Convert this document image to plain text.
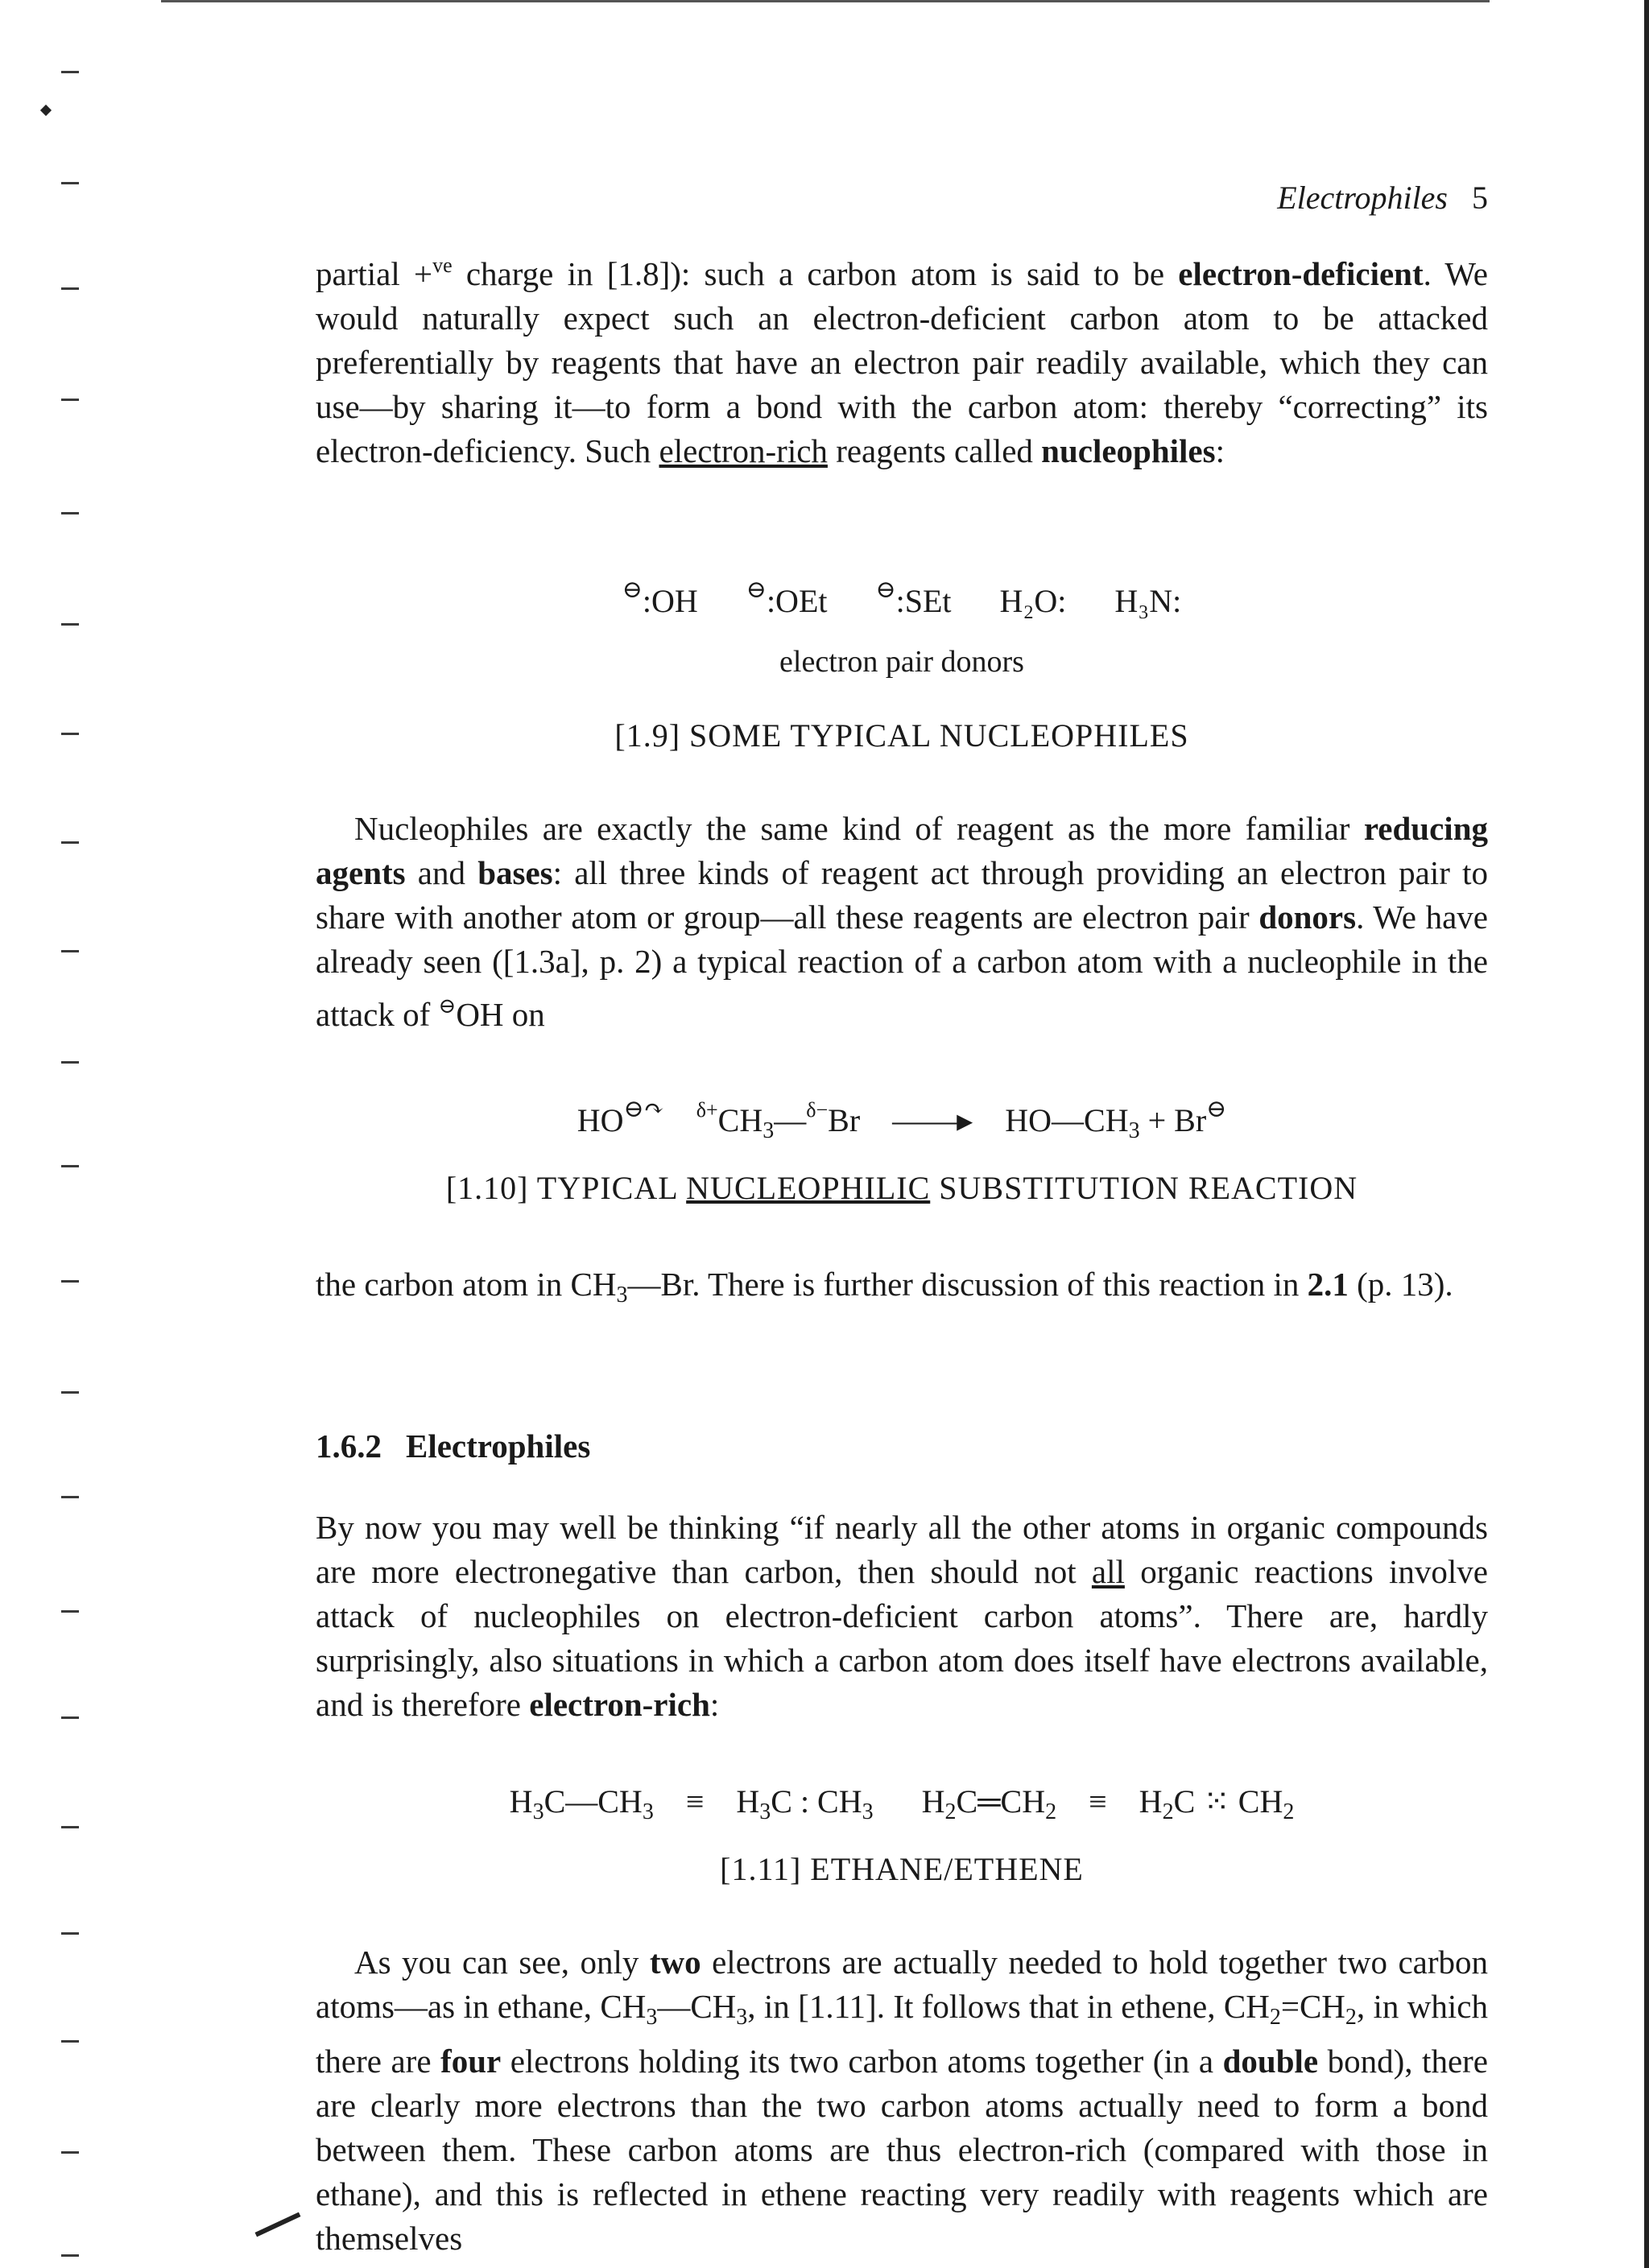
Electrophiles 5

partial +$^{ve}$ charge in [1.8]): such a carbon atom is said to be electron-deficient. We would naturally expect such an electron-deficient carbon atom to be attacked preferentially by reagents that have an electron pair readily available, which they can use—by sharing it—to form a bond with the carbon atom: thereby “correcting” its electron-deficiency. Such electron-rich reagents called nucleophiles:

⊖:OH ⊖:OEt ⊖:SEt H₂O: H₃N:
electron pair donors
[1.9] SOME TYPICAL NUCLEOPHILES

Nucleophiles are exactly the same kind of reagent as the more familiar reducing agents and bases: all three kinds of reagent act through providing an electron pair to share with another atom or group—all these reagents are electron pair donors. We have already seen ([1.3a], p. 2) a typical reaction of a carbon atom with a nucleophile in the attack of ⊖OH on

HO⊖↷ $^{\delta+}CH_3—^{\delta-}Br$ ——▸ $HO—CH_3 + Br^⊖$
[1.10] TYPICAL NUCLEOPHILIC SUBSTITUTION REACTION

the carbon atom in $CH_3—Br$. There is further discussion of this reaction in 2.1 (p. 13).

1.6.2 Electrophiles

By now you may well be thinking “if nearly all the other atoms in organic compounds are more electronegative than carbon, then should not all organic reactions involve attack of nucleophiles on electron-deficient carbon atoms”. There are, hardly surprisingly, also situations in which a carbon atom does itself have electrons available, and is therefore electron-rich:

$H_3C—CH_3 \equiv H_3C$ : $CH_3$ $H_2C═CH_2 \equiv H_2C$ ⁙ $CH_2$
[1.11] ETHANE/ETHENE

As you can see, only two electrons are actually needed to hold together two carbon atoms—as in ethane, $CH_3—CH_3$, in [1.11]. It follows that in ethene, $CH_2=CH_2$, in which there are four electrons holding its two carbon atoms together (in a double bond), there are clearly more electrons than the two carbon atoms actually need to form a bond between them. These carbon atoms are thus electron-rich (compared with those in ethane), and this is reflected in ethene reacting very readily with reagents which are themselves
